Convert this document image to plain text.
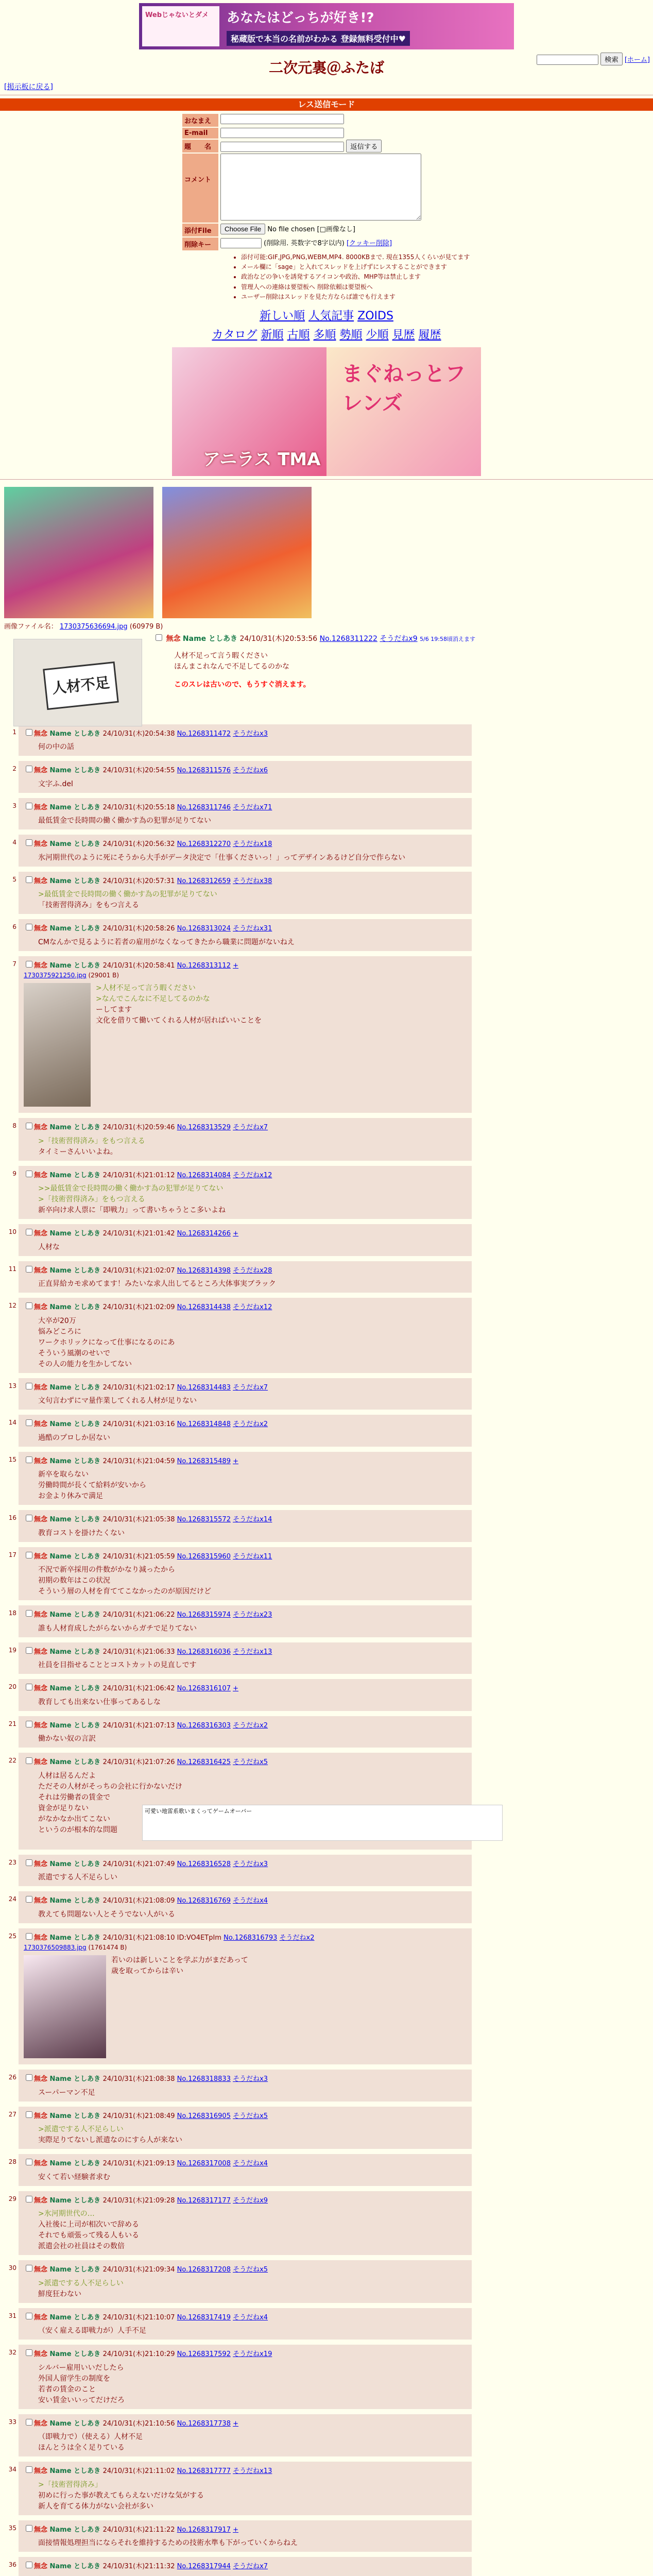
Webじゃないとダメ	あなたはどっちが好き!?
秘蔵版で本当の名前がわかる 登録無料受付中♥
検索 [ホーム]
二次元裏＠ふたば
[掲示板に戻る]
レス送信モード
おなまえ
E-mail
題　　名	返信する
コメント
添付File	Choose File No file chosen [□画像なし]
削除キー	(削除用. 英数字で8字以内) [クッキー削除]
• 添付可能:GIF,JPG,PNG,WEBM,MP4. 8000KBまで. 現在1355人くらいが見てます
• メール欄に「sage」と入れてスレッドを上げずにレスすることができます
• 政治などの争いを誘発するアイコンや政治、MHP等は禁止します
• 管理人への連絡は要望板へ 削除依頼は要望板へ
• ユーザー削除はスレッドを見た方ならば誰でも行えます
新しい順 人気記事 ZOIDS
カタログ 新順 古順 多順 勢順 少順 見歴 履歴
アニラス TMA
まぐねっとフレンズ
画像ファイル名： 1730375636694.jpg (60979 B)
人材不足
無念 Name としあき 24/10/31(木)20:53:56 No.1268311222 そうだねx9 5/6 19:58頃消えます
人材不足って言う暇ください
ほんまこれなんで不足してるのかな
このスレは古いので、もうすぐ消えます。
1	無念 Name としあき 24/10/31(木)20:54:38 No.1268311472 そうだねx3
何の中の話
2	無念 Name としあき 24/10/31(木)20:54:55 No.1268311576 そうだねx6
文字ふ.del
3	無念 Name としあき 24/10/31(木)20:55:18 No.1268311746 そうだねx71
最低賃金で長時間の働く働かす為の犯罪が足りてない
4	無念 Name としあき 24/10/31(木)20:56:32 No.1268312270 そうだねx18
氷河期世代のように死にそうから大手がデータ決定で「仕事くださいっ！」ってデザインあるけど自分で作らない
5	無念 Name としあき 24/10/31(木)20:57:31 No.1268312659 そうだねx38
>最低賃金で長時間の働く働かす為の犯罪が足りてない
「技術習得済み」をもつ言える
6	無念 Name としあき 24/10/31(木)20:58:26 No.1268313024 そうだねx31
CMなんかで見るように若者の雇用がなくなってきたから職業に問題がないねえ
7	無念 Name としあき 24/10/31(木)20:58:41 No.1268313112 +
1730375921250.jpg (29001 B)
>人材不足って言う暇ください
>なんでこんなに不足してるのかな
ーしてます
文化を借りて働いてくれる人材が居ればいいことを
8	無念 Name としあき 24/10/31(木)20:59:46 No.1268313529 そうだねx7
>「技術習得済み」をもつ言える
タイミーさんいいよね。
9	無念 Name としあき 24/10/31(木)21:01:12 No.1268314084 そうだねx12
>>最低賃金で長時間の働く働かす為の犯罪が足りてない
>「技術習得済み」をもつ言える
新卒向け求人票に「即戦力」って書いちゃうとこ多いよね
10	無念 Name としあき 24/10/31(木)21:01:42 No.1268314266 +
人材な
11	無念 Name としあき 24/10/31(木)21:02:07 No.1268314398 そうだねx28
正直昇給カモ求めてます！みたいな求人出してるところ大体事実ブラック
12	無念 Name としあき 24/10/31(木)21:02:09 No.1268314438 そうだねx12
大卒が20万
悩みどころに
ワークホリックになって仕事になるのにあ
そういう風潮のせいで
その人の能力を生かしてない
13	無念 Name としあき 24/10/31(木)21:02:17 No.1268314483 そうだねx7
文句言わずにマ量作業してくれる人材が足りない
14	無念 Name としあき 24/10/31(木)21:03:16 No.1268314848 そうだねx2
過酷のプロしか居ない
15	無念 Name としあき 24/10/31(木)21:04:59 No.1268315489 +
新卒を取らない
労働時間が長くて給料が安いから
お金より休みで満足
16	無念 Name としあき 24/10/31(木)21:05:38 No.1268315572 そうだねx14
教育コストを掛けたくない
17	無念 Name としあき 24/10/31(木)21:05:59 No.1268315960 そうだねx11
不況で新卒採用の件数がかなり減ったから
初期の数年はこの状況
そういう層の人材を育ててこなかったのが原因だけど
18	無念 Name としあき 24/10/31(木)21:06:22 No.1268315974 そうだねx23
誰も人材育成したがらないからガチで足りてない
19	無念 Name としあき 24/10/31(木)21:06:33 No.1268316036 そうだねx13
社員を目指せることとコストカットの見直しです
20	無念 Name としあき 24/10/31(木)21:06:42 No.1268316107 +
教育しても出来ない仕事ってあるしな
21	無念 Name としあき 24/10/31(木)21:07:13 No.1268316303 そうだねx2
働かない奴の言訳
22	無念 Name としあき 24/10/31(木)21:07:26 No.1268316425 そうだねx5
人材は居るんだよ
ただその人材がそっちの会社に行かないだけ
それは労働者の賃金で
資金が足りない
がなかなか出てこない
というのが根本的な問題
可愛い地雷系歌いまくってゲームオーバー
23	無念 Name としあき 24/10/31(木)21:07:49 No.1268316528 そうだねx3
派遣でする人不足らしい
24	無念 Name としあき 24/10/31(木)21:08:09 No.1268316769 そうだねx4
教えても問題ない人とそうでない人がいる
25	無念 Name としあき 24/10/31(木)21:08:10 ID:VO4ETpIm No.1268316793 そうだねx2
1730376509883.jpg (1761474 B)
若いのは新しいことを学ぶ力がまだあって
歳を取ってからは辛い
26	無念 Name としあき 24/10/31(木)21:08:38 No.1268318833 そうだねx3
スーパーマン不足
27	無念 Name としあき 24/10/31(木)21:08:49 No.1268316905 そうだねx5
>派遣でする人不足らしい
実際足りてないし派遣なのにすら人が来ない
28	無念 Name としあき 24/10/31(木)21:09:13 No.1268317008 そうだねx4
安くて若い経験者求む
29	無念 Name としあき 24/10/31(木)21:09:28 No.1268317177 そうだねx9
>氷河期世代の…
入社後に上司が相次いで辞める
それでも頑張って残る人もいる
派遣会社の社員はその数倍
30	無念 Name としあき 24/10/31(木)21:09:34 No.1268317208 そうだねx5
>派遣でする人不足らしい
鮮度狂わない
31	無念 Name としあき 24/10/31(木)21:10:07 No.1268317419 そうだねx4
（安く雇える即戦力が）人手不足
32	無念 Name としあき 24/10/31(木)21:10:29 No.1268317592 そうだねx19
シルバー雇用いいだしたら
外国人留学生の制度を
若者の賃金のこと
安い賃金いいってだけだろ
33	無念 Name としあき 24/10/31(木)21:10:56 No.1268317738 +
（即戦力で）（使える）人材不足
ほんとうは全く足りている
34	無念 Name としあき 24/10/31(木)21:11:02 No.1268317777 そうだねx13
>「技術習得済み」
初めに行った事が教えてもらえないだけな気がする
新人を育てる体力がない会社が多い
35	無念 Name としあき 24/10/31(木)21:11:22 No.1268317917 +
面接情報処理担当にならそれを維持するための技術水準も下がっていくからねえ
36	無念 Name としあき 24/10/31(木)21:11:32 No.1268317944 そうだねx7
